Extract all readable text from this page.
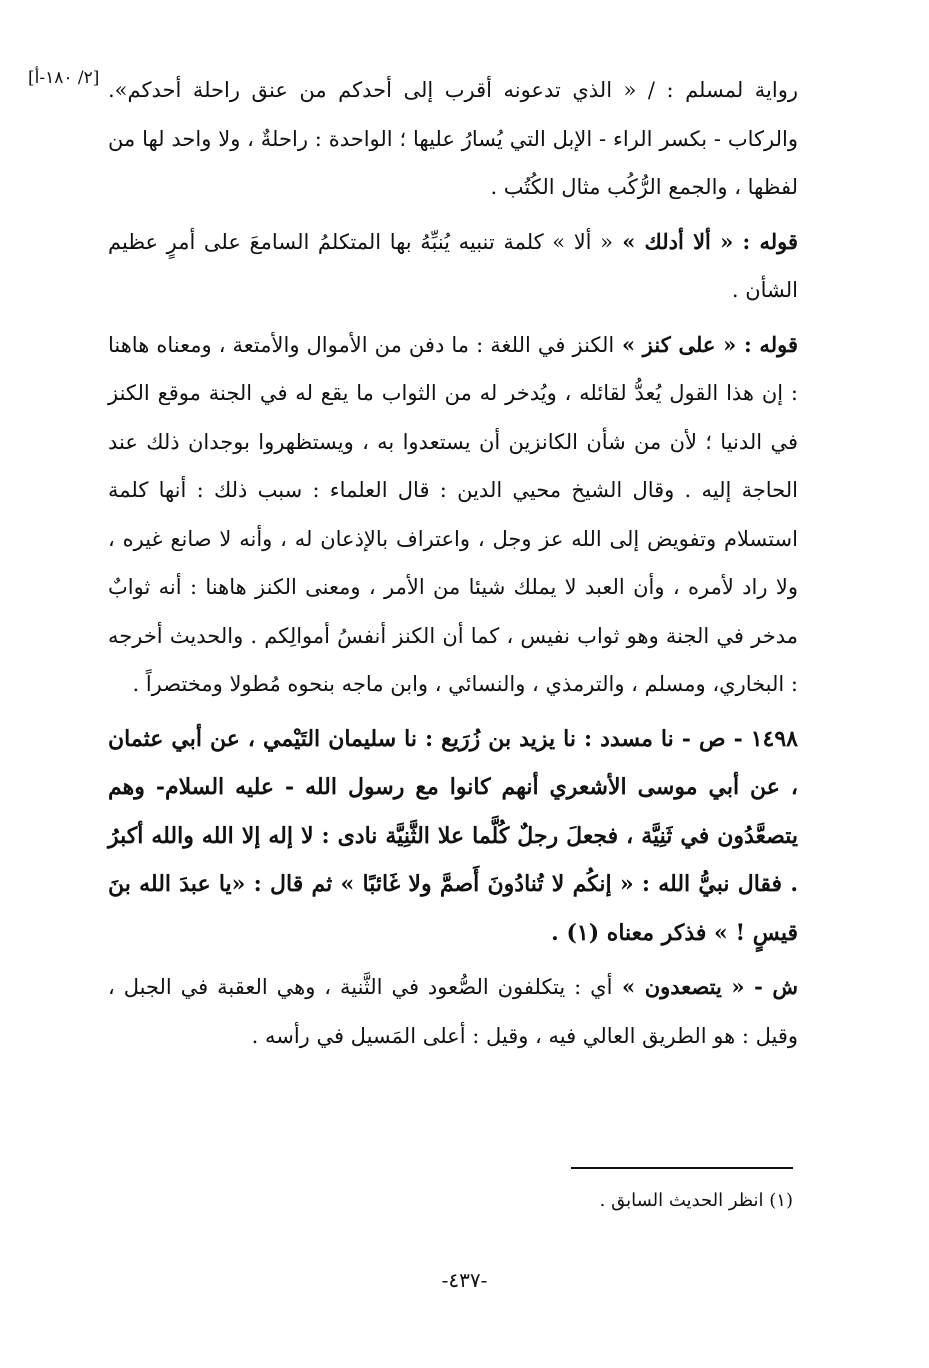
[٢/ ١٨٠-أ] رواية لمسلم : / « الذي تدعونه أقرب إلى أحدكم من عنق راحلة أحدكم». والركاب - بكسر الراء - الإبل التي يُسارُ عليها ؛ الواحدة : راحلةٌ ، ولا واحد لها من لفظها ، والجمع الرُّكُب مثال الكُتُب .

قوله : « ألا أدلك » « ألا » كلمة تنبيه يُنبِّهُ بها المتكلمُ السامعَ على أمرٍ عظيم الشأن .

قوله : « على كنز » الكنز في اللغة : ما دفن من الأموال والأمتعة ، ومعناه هاهنا : إن هذا القول يُعدُّ لقائله ، ويُدخر له من الثواب ما يقع له في الجنة موقع الكنز في الدنيا ؛ لأن من شأن الكانزين أن يستعدوا به ، ويستظهروا بوجدان ذلك عند الحاجة إليه . وقال الشيخ محيي الدين : قال العلماء : سبب ذلك : أنها كلمة استسلام وتفويض إلى الله عز وجل ، واعتراف بالإذعان له ، وأنه لا صانع غيره ، ولا راد لأمره ، وأن العبد لا يملك شيئا من الأمر ، ومعنى الكنز هاهنا : أنه ثوابٌ مدخر في الجنة وهو ثواب نفيس ، كما أن الكنز أنفسُ أموالِكم . والحديث أخرجه : البخاري، ومسلم ، والترمذي ، والنسائي ، وابن ماجه بنحوه مُطولا ومختصراً .

١٤٩٨ - ص - نا مسدد : نا يزيد بن زُرَيع : نا سليمان التَيْمي ، عن أبي عثمان ، عن أبي موسى الأشعري أنهم كانوا مع رسول الله - عليه السلام- وهم يتصعَّدُون في ثَنِيَّة ، فجعلَ رجلٌ كُلَّما علا الثَّنِيَّة نادى : لا إله إلا الله والله أكبرُ . فقال نبيُّ الله : « إنكُم لا تُنادُونَ أَصمَّ ولا غَائبًا » ثم قال : «يا عبدَ الله بنَ قيسٍ ! » فذكر معناه (١) .

ش - « يتصعدون » أي : يتكلفون الصُّعود في الثَّنية ، وهي العقبة في الجبل ، وقيل : هو الطريق العالي فيه ، وقيل : أعلى المَسيل في رأسه .

(١) انظر الحديث السابق .
-٤٣٧-
